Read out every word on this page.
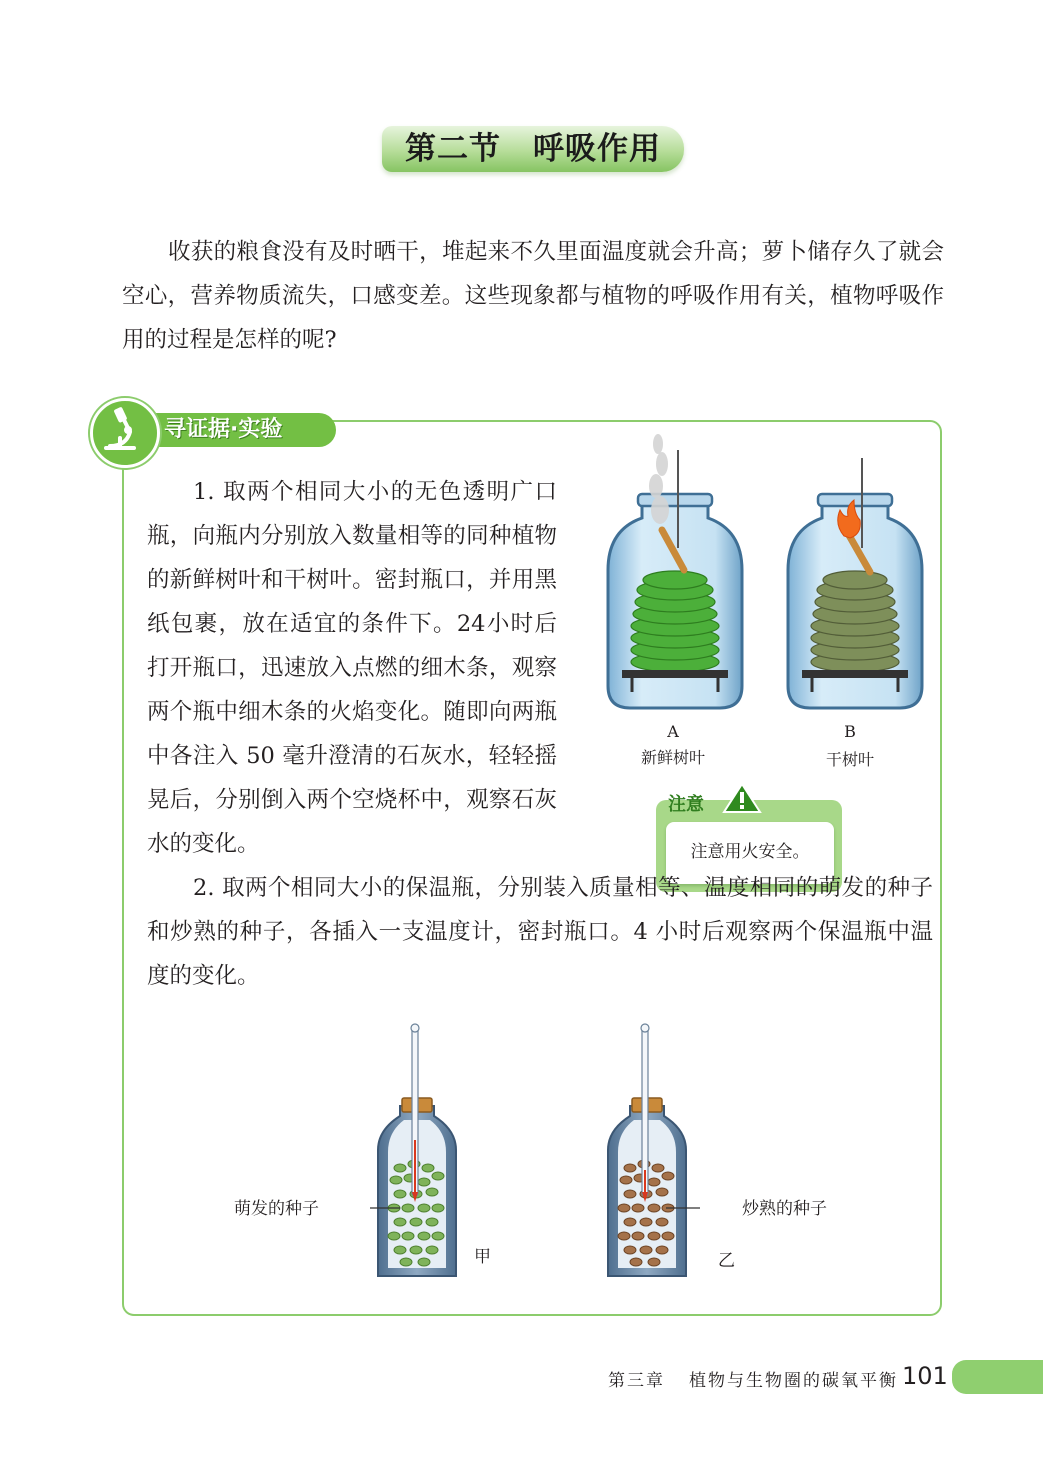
第二节　呼吸作用
收获的粮食没有及时晒干，堆起来不久里面温度就会升高；萝卜储存久了就会空心，营养物质流失，口感变差。这些现象都与植物的呼吸作用有关，植物呼吸作用的过程是怎样的呢?
寻证据·实验
1. 取两个相同大小的无色透明广口瓶，向瓶内分别放入数量相等的同种植物的新鲜树叶和干树叶。密封瓶口，并用黑纸包裹，放在适宜的条件下。24小时后打开瓶口，迅速放入点燃的细木条，观察两个瓶中细木条的火焰变化。随即向两瓶中各注入 50 毫升澄清的石灰水，轻轻摇晃后，分别倒入两个空烧杯中，观察石灰水的变化。
A
新鲜树叶
B
干树叶
注意
注意用火安全。
2. 取两个相同大小的保温瓶，分别装入质量相等、温度相同的萌发的种子和炒熟的种子，各插入一支温度计，密封瓶口。4 小时后观察两个保温瓶中温度的变化。
萌发的种子	炒熟的种子
甲	乙
第三章 植物与生物圈的碳氧平衡 101
